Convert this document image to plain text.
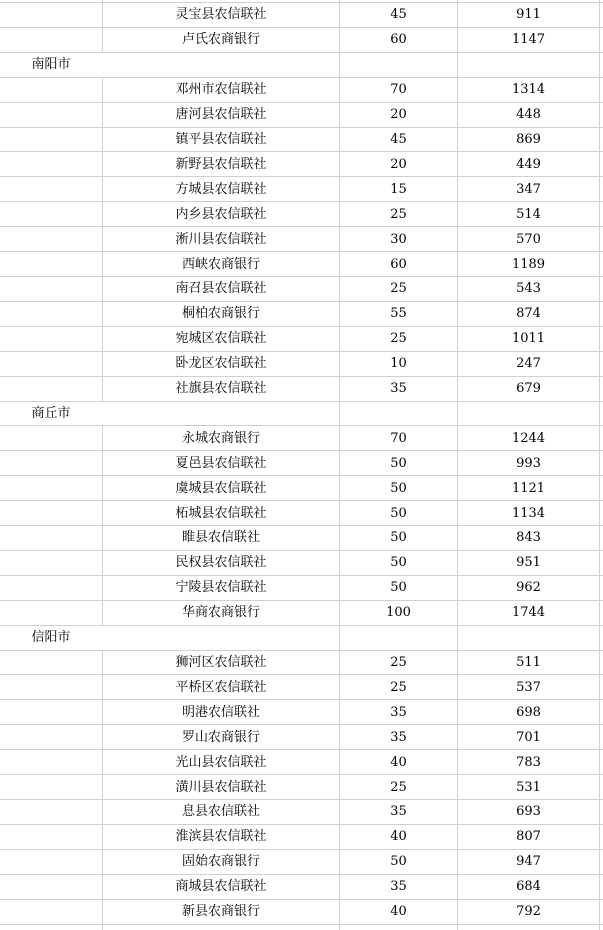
灵宝县农信联社	45	911
卢氏农商银行	60	1147
南阳市
邓州市农信联社	70	1314
唐河县农信联社	20	448
镇平县农信联社	45	869
新野县农信联社	20	449
方城县农信联社	15	347
内乡县农信联社	25	514
淅川县农信联社	30	570
西峡农商银行	60	1189
南召县农信联社	25	543
桐柏农商银行	55	874
宛城区农信联社	25	1011
卧龙区农信联社	10	247
社旗县农信联社	35	679
商丘市
永城农商银行	70	1244
夏邑县农信联社	50	993
虞城县农信联社	50	1121
柘城县农信联社	50	1134
睢县农信联社	50	843
民权县农信联社	50	951
宁陵县农信联社	50	962
华商农商银行	100	1744
信阳市
狮河区农信联社	25	511
平桥区农信联社	25	537
明港农信联社	35	698
罗山农商银行	35	701
光山县农信联社	40	783
潢川县农信联社	25	531
息县农信联社	35	693
淮滨县农信联社	40	807
固始农商银行	50	947
商城县农信联社	35	684
新县农商银行	40	792
